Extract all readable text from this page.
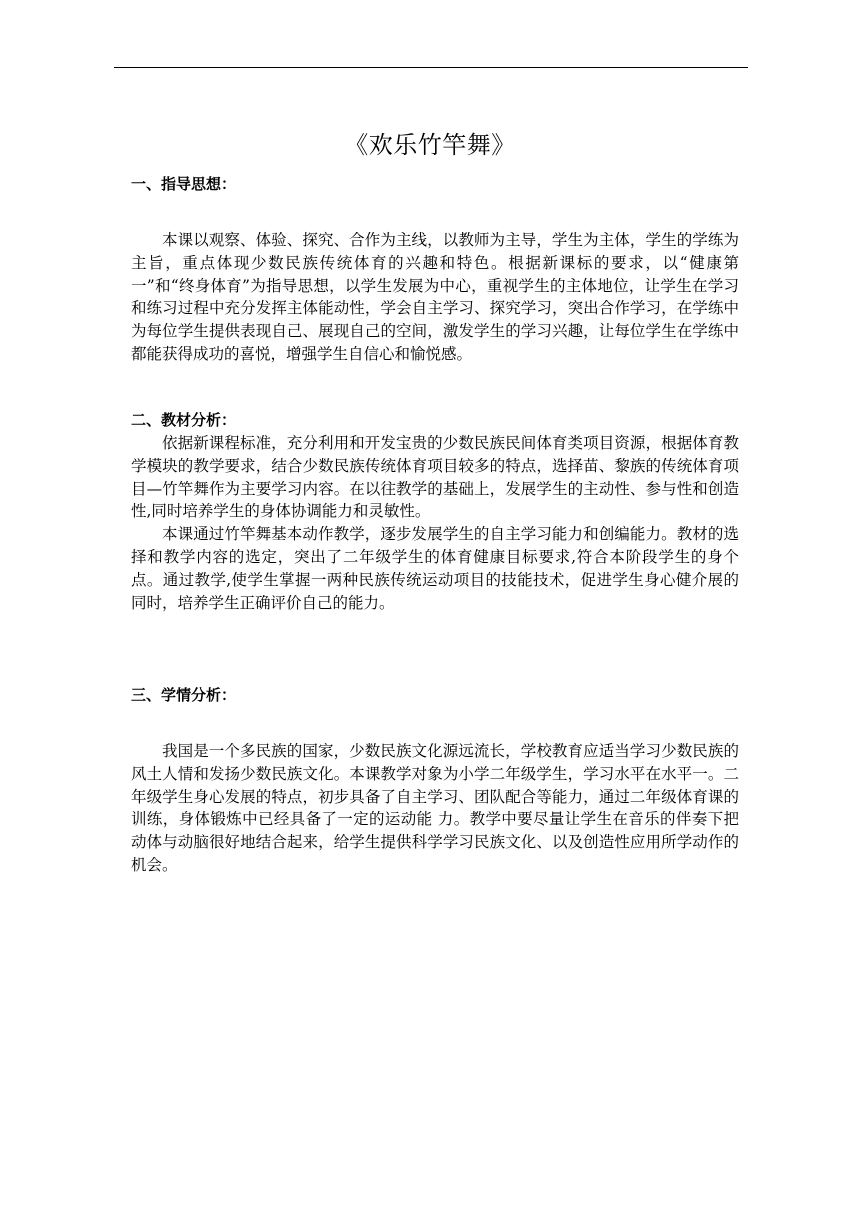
《欢乐竹竿舞》

一、指导思想：

本课以观察、体验、探究、合作为主线，以教师为主导，学生为主体，学生的学练为主旨，重点体现少数民族传统体育的兴趣和特色。根据新课标的要求，以“健康第一”和“终身体育”为指导思想，以学生发展为中心，重视学生的主体地位，让学生在学习和练习过程中充分发挥主体能动性，学会自主学习、探究学习，突出合作学习，在学练中为每位学生提供表现自己、展现自己的空间，激发学生的学习兴趣，让每位学生在学练中都能获得成功的喜悦，增强学生自信心和愉悦感。

二、教材分析：

依据新课程标准，充分利用和开发宝贵的少数民族民间体育类项目资源，根据体育教学模块的教学要求，结合少数民族传统体育项目较多的特点，选择苗、黎族的传统体育项目—竹竿舞作为主要学习内容。在以往教学的基础上，发展学生的主动性、参与性和创造性,同时培养学生的身体协调能力和灵敏性。

本课通过竹竿舞基本动作教学，逐步发展学生的自主学习能力和创编能力。教材的选择和教学内容的选定，突出了二年级学生的体育健康目标要求,符合本阶段学生的身个点。通过教学,使学生掌握一两种民族传统运动项目的技能技术，促进学生身心健介展的同时，培养学生正确评价自己的能力。

三、学情分析：

我国是一个多民族的国家，少数民族文化源远流长，学校教育应适当学习少数民族的风土人情和发扬少数民族文化。本课教学对象为小学二年级学生，学习水平在水平一。二年级学生身心发展的特点，初步具备了自主学习、团队配合等能力，通过二年级体育课的训练，身体锻炼中已经具备了一定的运动能 力。教学中要尽量让学生在音乐的伴奏下把动体与动脑很好地结合起来，给学生提供科学学习民族文化、以及创造性应用所学动作的机会。
